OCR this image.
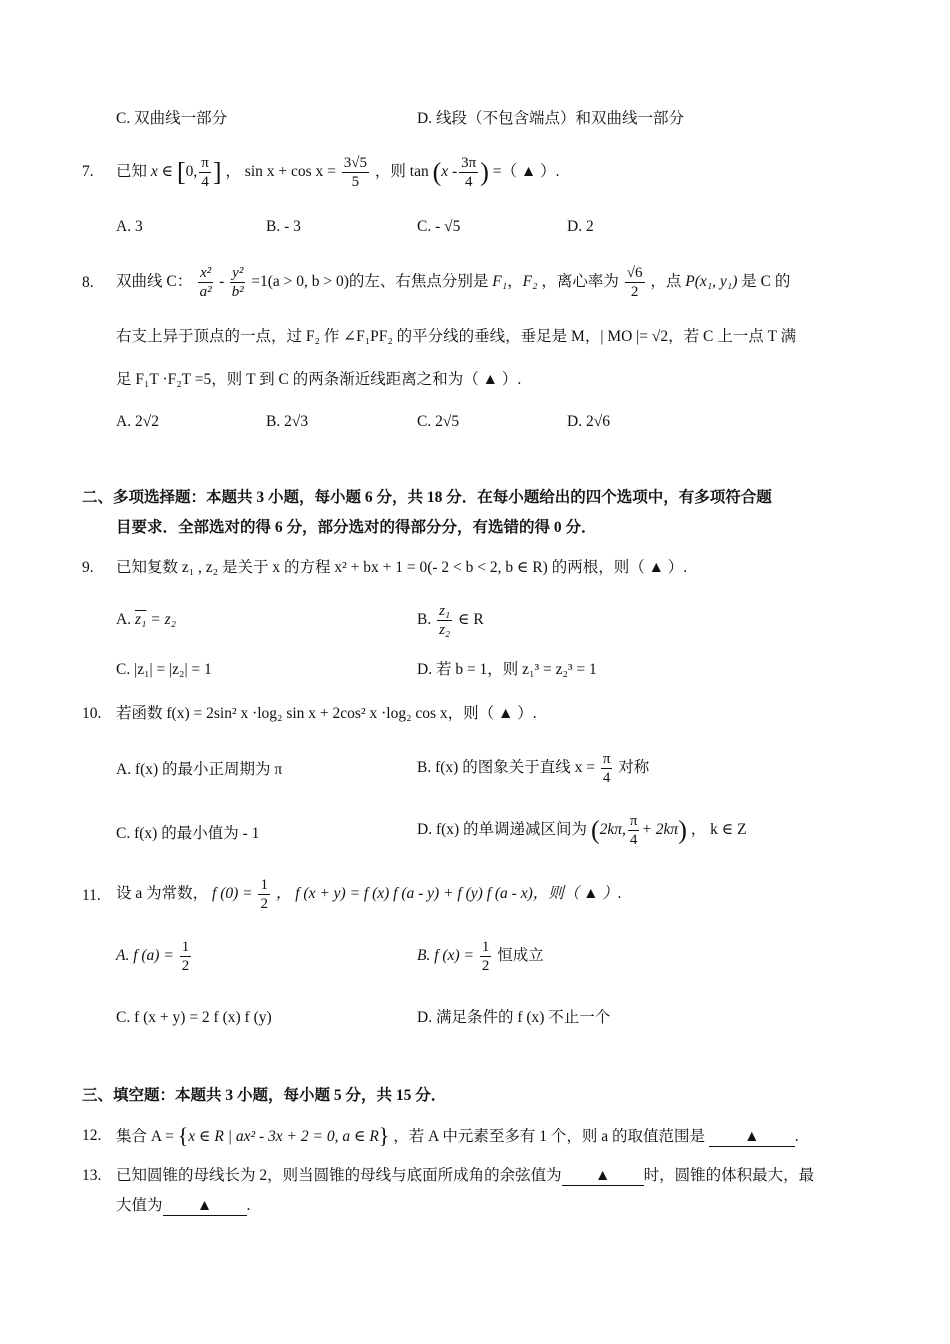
C. 双曲线一部分	D. 线段（不包含端点）和双曲线一部分
7. 已知 x ∈ [0, $\frac{\pi}{4}$ ] ， $\sin x + \cos x = \frac{3√5}{5}$ ，则 $\tan (x - \frac{3\pi}{4}$ ) =（ ▲ ）.
A. 3	B. - 3	C. - √5	D. 2
8. 双曲线 C： $\frac{\text{x²}}{\text{a²}} - \frac{\text{y²}}{\text{b²}} =1(a > 0$, b > 0)的左、右焦点分别是 F₁，F₂ ，离心率为 $\frac{√6}{2}$ ，点 P(x₁, y₁) 是 C 的
右支上异于顶点的一点，过 F₂ 作 ∠F₁PF₂ 的平分线的垂线，垂足是 M，| MO |= √2，若 C 上一点 T 满
足 F₁T ·F₂T =5，则 T 到 C 的两条渐近线距离之和为（ ▲ ）.
A. 2√2	B. 2√3	C. 2√5	D. 2√6
二、多项选择题：本题共 3 小题，每小题 6 分，共 18 分．在每小题给出的四个选项中，有多项符合题
目要求．全部选对的得 6 分，部分选对的得部分分，有选错的得 0 分．
9. 已知复数 z₁ , z₂ 是关于 x 的方程 x² + bx + 1 = 0(- 2 < b < 2, b ∈ R) 的两根，则（ ▲ ）.
A. z₁ = z₂	B. $\frac{\text{z₁}}{\text{z₂}}$ ∈ R
C. |z₁| = |z₂| = 1	D. 若 b = 1，则 z₁³ = z₂³ = 1
10. 若函数 f(x) = 2sin² x ·log₂ sin x + 2cos² x ·log₂ cos x，则（ ▲ ）.
A. f(x) 的最小正周期为 π	B. f(x) 的图象关于直线 $x = \frac{\pi}{4}$ 对称
C. f(x) 的最小值为 - 1	D. f(x) 的单调递减区间为 (2kπ, $\frac{\pi}{4} + 2k\pi$) ， k ∈ Z
11. 设 a 为常数， f $(0) = \frac{1}{2}$ ， f (x + y) = f (x) f (a - y) + f (y) f (a - x)，则（ ▲ ）.
A. f $(a) = \frac{1}{2}$	B. f $(x) = \frac{1}{2}$ 恒成立
C. f (x + y) = 2 f (x) f (y)	D. 满足条件的 f (x) 不止一个
三、填空题：本题共 3 小题，每小题 5 分，共 15 分．
12. 集合 A = {x ∈ R | ax² - 3x + 2 = 0, a ∈ R} ，若 A 中元素至多有 1 个，则 a 的取值范围是	▲ .
13. 已知圆锥的母线长为 2，则当圆锥的母线与底面所成角的余弦值为 ▲ 时，圆锥的体积最大，最
大值为 ▲ .
